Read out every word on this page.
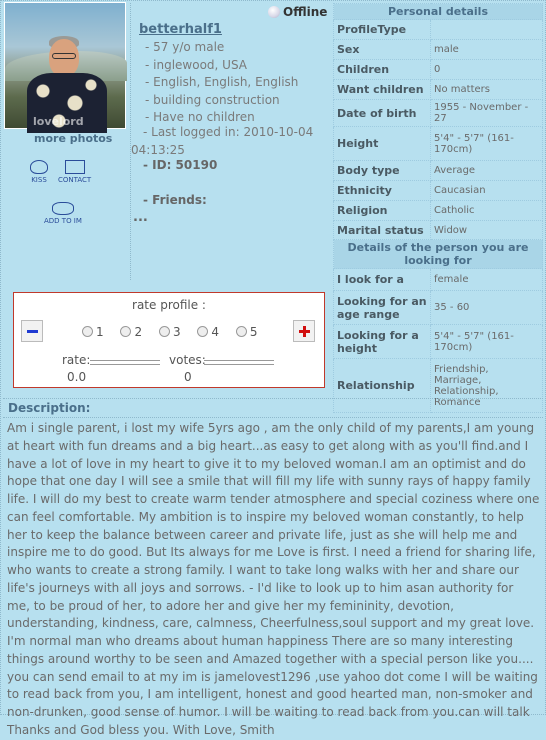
lovelord
more photos
KISS CONTACT
ADD TO IM
Offline
betterhalf1
- 57 y/o male
- inglewood, USA
- English, English, English
- building construction
- Have no children
- Last logged in: 2010-10-04 04:13:25
- ID: 50190
- Friends:
...
Personal details	
ProfileType	
Sex	male
Children	0
Want children	No matters
Date of birth	1955 - November - 27
Height	5'4" - 5'7" (161-170cm)
Body type	Average
Ethnicity	Caucasian
Religion	Catholic
Marital status	Widow
Details of the person you are looking for	
I look for a	female
Looking for an age range	35 - 60
Looking for a height	5'4" - 5'7" (161-170cm)
Relationship	Friendship, Marriage, Relationship, Romance
rate profile :
1	2	3	4	5
rate:	votes:
0.0	0
Description:
Am i single parent, i lost my wife 5yrs ago , am the only child of my parents,I am young at heart with fun dreams and a big heart...as easy to get along with as you'll find.and I have a lot of love in my heart to give it to my beloved woman.I am an optimist and do hope that one day I will see a smile that will fill my life with sunny rays of happy family life. I will do my best to create warm tender atmosphere and special coziness where one can feel comfortable. My ambition is to inspire my beloved woman constantly, to help her to keep the balance between career and private life, just as she will help me and inspire me to do good. But Its always for me Love is first. I need a friend for sharing life, who wants to create a strong family. I want to take long walks with her and share our life's journeys with all joys and sorrows. - I'd like to look up to him asan authority for me, to be proud of her, to adore her and give her my femininity, devotion, understanding, kindness, care, calmness, Cheerfulness,soul support and my great love. I'm normal man who dreams about human happiness There are so many interesting things around worthy to be seen and Amazed together with a special person like you.... you can send email to at my im is jamelovest1296 ,use yahoo dot come I will be waiting to read back from you, I am intelligent, honest and good hearted man, non-smoker and non-drunken, good sense of humor. I will be waiting to read back from you.can will talk Thanks and God bless you. With Love, Smith
